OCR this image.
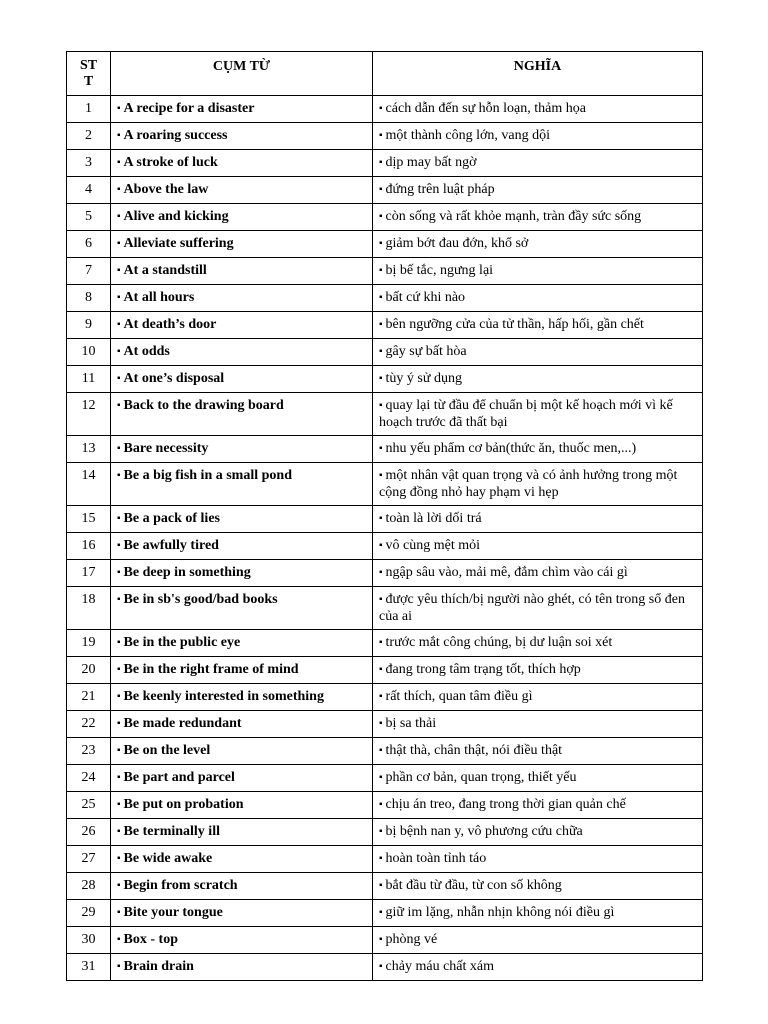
STT	CỤM TỪ	NGHĨA
1	▪ A recipe for a disaster	▪ cách dẫn đến sự hỗn loạn, thảm họa
2	▪ A roaring success	▪ một thành công lớn, vang dội
3	▪ A stroke of luck	▪ dịp may bất ngờ
4	▪ Above the law	▪ đứng trên luật pháp
5	▪ Alive and kicking	▪ còn sống và rất khỏe mạnh, tràn đầy sức sống
6	▪ Alleviate suffering	▪ giảm bớt đau đớn, khổ sở
7	▪ At a standstill	▪ bị bế tắc, ngưng lại
8	▪ At all hours	▪ bất cứ khi nào
9	▪ At death’s door	▪ bên ngưỡng cửa của tử thần, hấp hối, gần chết
10	▪ At odds	▪ gây sự bất hòa
11	▪ At one’s disposal	▪ tùy ý sử dụng
12	▪ Back to the drawing board	▪ quay lại từ đầu để chuẩn bị một kế hoạch mới vì kế hoạch trước đã thất bại
13	▪ Bare necessity	▪ nhu yếu phẩm cơ bản(thức ăn, thuốc men,...)
14	▪ Be a big fish in a small pond	▪ một nhân vật quan trọng và có ảnh hưởng trong một cộng đồng nhỏ hay phạm vi hẹp
15	▪ Be a pack of lies	▪ toàn là lời dối trá
16	▪ Be awfully tired	▪ vô cùng mệt mỏi
17	▪ Be deep in something	▪ ngập sâu vào, mải mê, đắm chìm vào cái gì
18	▪ Be in sb's good/bad books	▪ được yêu thích/bị người nào ghét, có tên trong sổ đen của ai
19	▪ Be in the public eye	▪ trước mắt công chúng, bị dư luận soi xét
20	▪ Be in the right frame of mind	▪ đang trong tâm trạng tốt, thích hợp
21	▪ Be keenly interested in something	▪ rất thích, quan tâm điều gì
22	▪ Be made redundant	▪ bị sa thải
23	▪ Be on the level	▪ thật thà, chân thật, nói điều thật
24	▪ Be part and parcel	▪ phần cơ bản, quan trọng, thiết yếu
25	▪ Be put on probation	▪ chịu án treo, đang trong thời gian quản chế
26	▪ Be terminally ill	▪ bị bệnh nan y, vô phương cứu chữa
27	▪ Be wide awake	▪ hoàn toàn tỉnh táo
28	▪ Begin from scratch	▪ bắt đầu từ đầu, từ con số không
29	▪ Bite your tongue	▪ giữ im lặng, nhẫn nhịn không nói điều gì
30	▪ Box - top	▪ phòng vé
31	▪ Brain drain	▪ chảy máu chất xám
